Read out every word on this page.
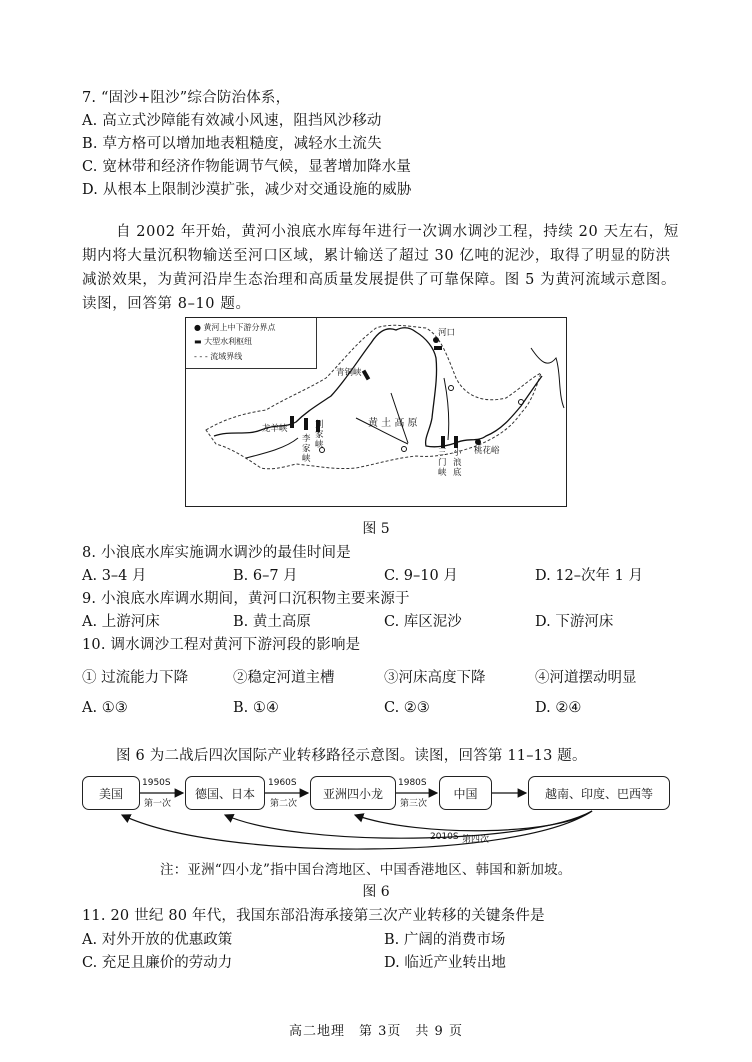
7. “固沙+阻沙”综合防治体系，
A. 高立式沙障能有效减小风速，阻挡风沙移动
B. 草方格可以增加地表粗糙度，减轻水土流失
C. 宽林带和经济作物能调节气候，显著增加降水量
D. 从根本上限制沙漠扩张，减少对交通设施的威胁
自 2002 年开始，黄河小浪底水库每年进行一次调水调沙工程，持续 20 天左右，短期内将大量沉积物输送至河口区域，累计输送了超过 30 亿吨的泥沙，取得了明显的防洪减淤效果，为黄河沿岸生态治理和高质量发展提供了可靠保障。图 5 为黄河流域示意图。读图，回答第 8–10 题。
● 黄河上中下游分界点
▬ 大型水利枢纽
- - - 流域界线
河口
青铜峡
龙羊峡
李
家
峡
刘
家
峡
黄 土 高 原
三
门
峡
小
浪
底
桃花峪
图 5
8. 小浪底水库实施调水调沙的最佳时间是
A. 3–4 月	B. 6–7 月	C. 9–10 月	D. 12–次年 1 月
9. 小浪底水库调水期间，黄河口沉积物主要来源于
A. 上游河床	B. 黄土高原	C. 库区泥沙	D. 下游河床
10. 调水调沙工程对黄河下游河段的影响是
① 过流能力下降	②稳定河道主槽	③河床高度下降	④河道摆动明显
A. ①③	B. ①④	C. ②③	D. ②④
图 6 为二战后四次国际产业转移路径示意图。读图，回答第 11–13 题。
美国	德国、日本	亚洲四小龙	中国	越南、印度、巴西等
1950S
第一次
1960S
第二次
1980S
第三次
2010S 第四次
注：亚洲“四小龙”指中国台湾地区、中国香港地区、韩国和新加坡。
图 6
11. 20 世纪 80 年代，我国东部沿海承接第三次产业转移的关键条件是
A. 对外开放的优惠政策	B. 广阔的消费市场
C. 充足且廉价的劳动力	D. 临近产业转出地
高二地理　第 3页　共 9 页
